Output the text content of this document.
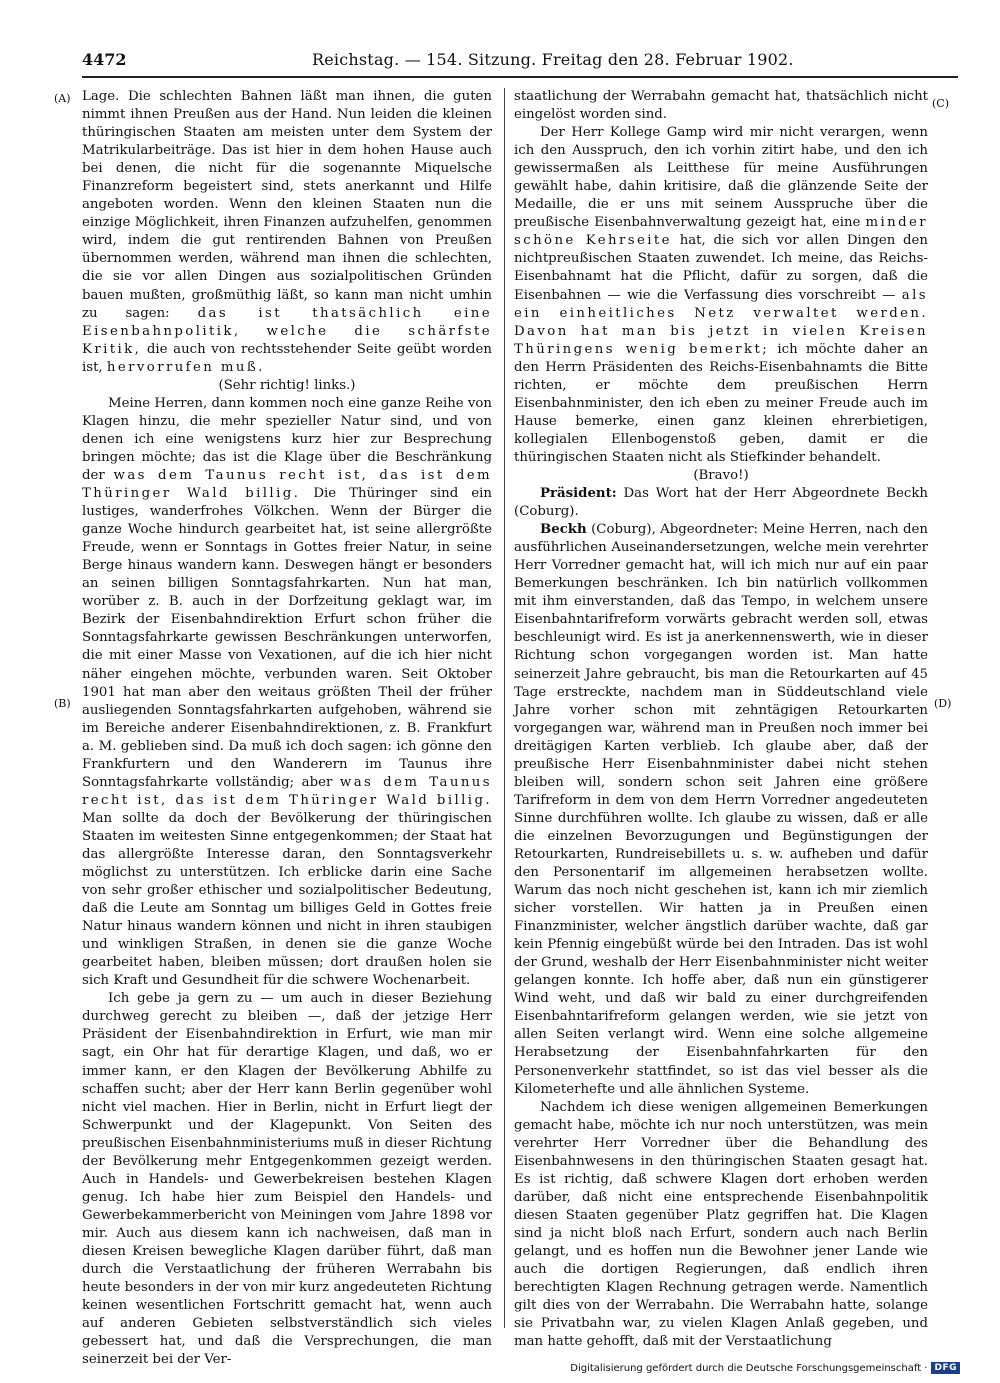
4472	Reichstag. — 154. Sitzung. Freitag den 28. Februar 1902.
(A)
(B)
(C)
(D)

Lage. Die schlechten Bahnen läßt man ihnen, die guten nimmt ihnen Preußen aus der Hand. Nun leiden die kleinen thüringischen Staaten am meisten unter dem System der Matrikularbeiträge. Das ist hier in dem hohen Hause auch bei denen, die nicht für die sogenannte Miquelsche Finanzreform begeistert sind, stets anerkannt und Hilfe angeboten worden. Wenn den kleinen Staaten nun die einzige Möglichkeit, ihren Finanzen aufzuhelfen, genommen wird, indem die gut rentirenden Bahnen von Preußen übernommen werden, während man ihnen die schlechten, die sie vor allen Dingen aus sozialpolitischen Gründen bauen mußten, großmüthig läßt, so kann man nicht umhin zu sagen: das ist thatsächlich eine Eisenbahnpolitik, welche die schärfste Kritik, die auch von rechtsstehender Seite geübt worden ist, hervorrufen muß.

(Sehr richtig! links.)

Meine Herren, dann kommen noch eine ganze Reihe von Klagen hinzu, die mehr spezieller Natur sind, und von denen ich eine wenigstens kurz hier zur Besprechung bringen möchte; das ist die Klage über die Beschränkung der was dem Taunus recht ist, das ist dem Thüringer Wald billig. Die Thüringer sind ein lustiges, wanderfrohes Völkchen. Wenn der Bürger die ganze Woche hindurch gearbeitet hat, ist seine allergrößte Freude, wenn er Sonntags in Gottes freier Natur, in seine Berge hinaus wandern kann. Deswegen hängt er besonders an seinen billigen Sonntagsfahrkarten. Nun hat man, worüber z. B. auch in der Dorfzeitung geklagt war, im Bezirk der Eisenbahndirektion Erfurt schon früher die Sonntagsfahrkarte gewissen Beschränkungen unterworfen, die mit einer Masse von Vexationen, auf die ich hier nicht näher eingehen möchte, verbunden waren. Seit Oktober 1901 hat man aber den weitaus größten Theil der früher ausliegenden Sonntagsfahrkarten aufgehoben, während sie im Bereiche anderer Eisenbahndirektionen, z. B. Frankfurt a. M. geblieben sind. Da muß ich doch sagen: ich gönne den Frankfurtern und den Wanderern im Taunus ihre Sonntagsfahrkarte vollständig; aber was dem Taunus recht ist, das ist dem Thüringer Wald billig. Man sollte da doch der Bevölkerung der thüringischen Staaten im weitesten Sinne entgegenkommen; der Staat hat das allergrößte Interesse daran, den Sonntagsverkehr möglichst zu unterstützen. Ich erblicke darin eine Sache von sehr großer ethischer und sozialpolitischer Bedeutung, daß die Leute am Sonntag um billiges Geld in Gottes freie Natur hinaus wandern können und nicht in ihren staubigen und winkligen Straßen, in denen sie die ganze Woche gearbeitet haben, bleiben müssen; dort draußen holen sie sich Kraft und Gesundheit für die schwere Wochenarbeit.

Ich gebe ja gern zu — um auch in dieser Beziehung durchweg gerecht zu bleiben —, daß der jetzige Herr Präsident der Eisenbahndirektion in Erfurt, wie man mir sagt, ein Ohr hat für derartige Klagen, und daß, wo er immer kann, er den Klagen der Bevölkerung Abhilfe zu schaffen sucht; aber der Herr kann Berlin gegenüber wohl nicht viel machen. Hier in Berlin, nicht in Erfurt liegt der Schwerpunkt und der Klagepunkt. Von Seiten des preußischen Eisenbahnministeriums muß in dieser Richtung der Bevölkerung mehr Entgegenkommen gezeigt werden. Auch in Handels- und Gewerbekreisen bestehen Klagen genug. Ich habe hier zum Beispiel den Handels- und Gewerbekammerbericht von Meiningen vom Jahre 1898 vor mir. Auch aus diesem kann ich nachweisen, daß man in diesen Kreisen bewegliche Klagen darüber führt, daß man durch die Verstaatlichung der früheren Werrabahn bis heute besonders in der von mir kurz angedeuteten Richtung keinen wesentlichen Fortschritt gemacht hat, wenn auch auf anderen Gebieten selbstverständlich sich vieles gebessert hat, und daß die Versprechungen, die man seinerzeit bei der Ver-

staatlichung der Werrabahn gemacht hat, thatsächlich nicht eingelöst worden sind.

Der Herr Kollege Gamp wird mir nicht verargen, wenn ich den Ausspruch, den ich vorhin zitirt habe, und den ich gewissermaßen als Leitthese für meine Ausführungen gewählt habe, dahin kritisire, daß die glänzende Seite der Medaille, die er uns mit seinem Ausspruche über die preußische Eisenbahnverwaltung gezeigt hat, eine minder schöne Kehrseite hat, die sich vor allen Dingen den nichtpreußischen Staaten zuwendet. Ich meine, das Reichs-Eisenbahnamt hat die Pflicht, dafür zu sorgen, daß die Eisenbahnen — wie die Verfassung dies vorschreibt — als ein einheitliches Netz verwaltet werden. Davon hat man bis jetzt in vielen Kreisen Thüringens wenig bemerkt; ich möchte daher an den Herrn Präsidenten des Reichs-Eisenbahnamts die Bitte richten, er möchte dem preußischen Herrn Eisenbahnminister, den ich eben zu meiner Freude auch im Hause bemerke, einen ganz kleinen ehrerbietigen, kollegialen Ellenbogenstoß geben, damit er die thüringischen Staaten nicht als Stiefkinder behandelt.

(Bravo!)

Präsident: Das Wort hat der Herr Abgeordnete Beckh (Coburg).

Beckh (Coburg), Abgeordneter: Meine Herren, nach den ausführlichen Auseinandersetzungen, welche mein verehrter Herr Vorredner gemacht hat, will ich mich nur auf ein paar Bemerkungen beschränken. Ich bin natürlich vollkommen mit ihm einverstanden, daß das Tempo, in welchem unsere Eisenbahntarifreform vorwärts gebracht werden soll, etwas beschleunigt wird. Es ist ja anerkennenswerth, wie in dieser Richtung schon vorgegangen worden ist. Man hatte seinerzeit Jahre gebraucht, bis man die Retourkarten auf 45 Tage erstreckte, nachdem man in Süddeutschland viele Jahre vorher schon mit zehntägigen Retourkarten vorgegangen war, während man in Preußen noch immer bei dreitägigen Karten verblieb. Ich glaube aber, daß der preußische Herr Eisenbahnminister dabei nicht stehen bleiben will, sondern schon seit Jahren eine größere Tarifreform in dem von dem Herrn Vorredner angedeuteten Sinne durchführen wollte. Ich glaube zu wissen, daß er alle die einzelnen Bevorzugungen und Begünstigungen der Retourkarten, Rundreisebillets u. s. w. aufheben und dafür den Personentarif im allgemeinen herabsetzen wollte. Warum das noch nicht geschehen ist, kann ich mir ziemlich sicher vorstellen. Wir hatten ja in Preußen einen Finanzminister, welcher ängstlich darüber wachte, daß gar kein Pfennig eingebüßt würde bei den Intraden. Das ist wohl der Grund, weshalb der Herr Eisenbahnminister nicht weiter gelangen konnte. Ich hoffe aber, daß nun ein günstigerer Wind weht, und daß wir bald zu einer durchgreifenden Eisenbahntarifreform gelangen werden, wie sie jetzt von allen Seiten verlangt wird. Wenn eine solche allgemeine Herabsetzung der Eisenbahnfahrkarten für den Personenverkehr stattfindet, so ist das viel besser als die Kilometerhefte und alle ähnlichen Systeme.

Nachdem ich diese wenigen allgemeinen Bemerkungen gemacht habe, möchte ich nur noch unterstützen, was mein verehrter Herr Vorredner über die Behandlung des Eisenbahnwesens in den thüringischen Staaten gesagt hat. Es ist richtig, daß schwere Klagen dort erhoben werden darüber, daß nicht eine entsprechende Eisenbahnpolitik diesen Staaten gegenüber Platz gegriffen hat. Die Klagen sind ja nicht bloß nach Erfurt, sondern auch nach Berlin gelangt, und es hoffen nun die Bewohner jener Lande wie auch die dortigen Regierungen, daß endlich ihren berechtigten Klagen Rechnung getragen werde. Namentlich gilt dies von der Werrabahn. Die Werrabahn hatte, solange sie Privatbahn war, zu vielen Klagen Anlaß gegeben, und man hatte gehofft, daß mit der Verstaatlichung

Digitalisierung gefördert durch die Deutsche Forschungsgemeinschaft · DFG
